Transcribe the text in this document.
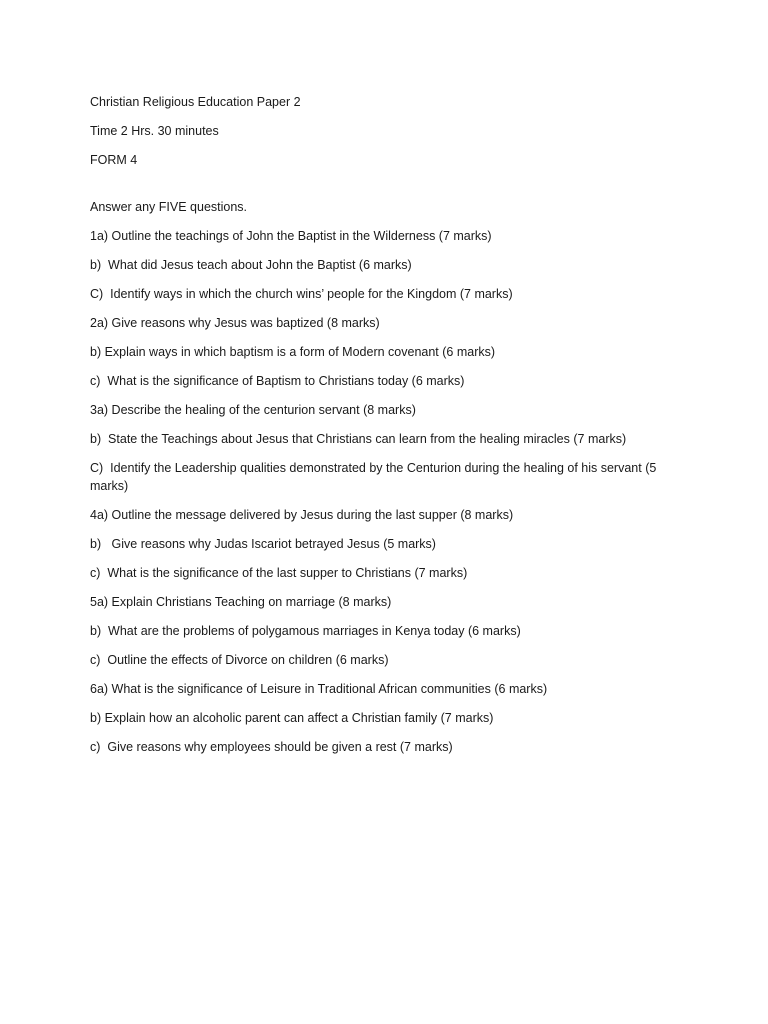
Christian Religious Education Paper 2

Time 2 Hrs. 30 minutes

FORM 4

Answer any FIVE questions.

1a) Outline the teachings of John the Baptist in the Wilderness (7 marks)

b)  What did Jesus teach about John the Baptist (6 marks)

C)  Identify ways in which the church wins’ people for the Kingdom (7 marks)

2a) Give reasons why Jesus was baptized (8 marks)

b) Explain ways in which baptism is a form of Modern covenant (6 marks)

c)  What is the significance of Baptism to Christians today (6 marks)

3a) Describe the healing of the centurion servant (8 marks)

b)  State the Teachings about Jesus that Christians can learn from the healing miracles (7 marks)

C)  Identify the Leadership qualities demonstrated by the Centurion during the healing of his servant (5 marks)

4a) Outline the message delivered by Jesus during the last supper (8 marks)

b)   Give reasons why Judas Iscariot betrayed Jesus (5 marks)

c)  What is the significance of the last supper to Christians (7 marks)

5a) Explain Christians Teaching on marriage (8 marks)

b)  What are the problems of polygamous marriages in Kenya today (6 marks)

c)  Outline the effects of Divorce on children (6 marks)

6a) What is the significance of Leisure in Traditional African communities (6 marks)

b) Explain how an alcoholic parent can affect a Christian family (7 marks)

c)  Give reasons why employees should be given a rest (7 marks)
